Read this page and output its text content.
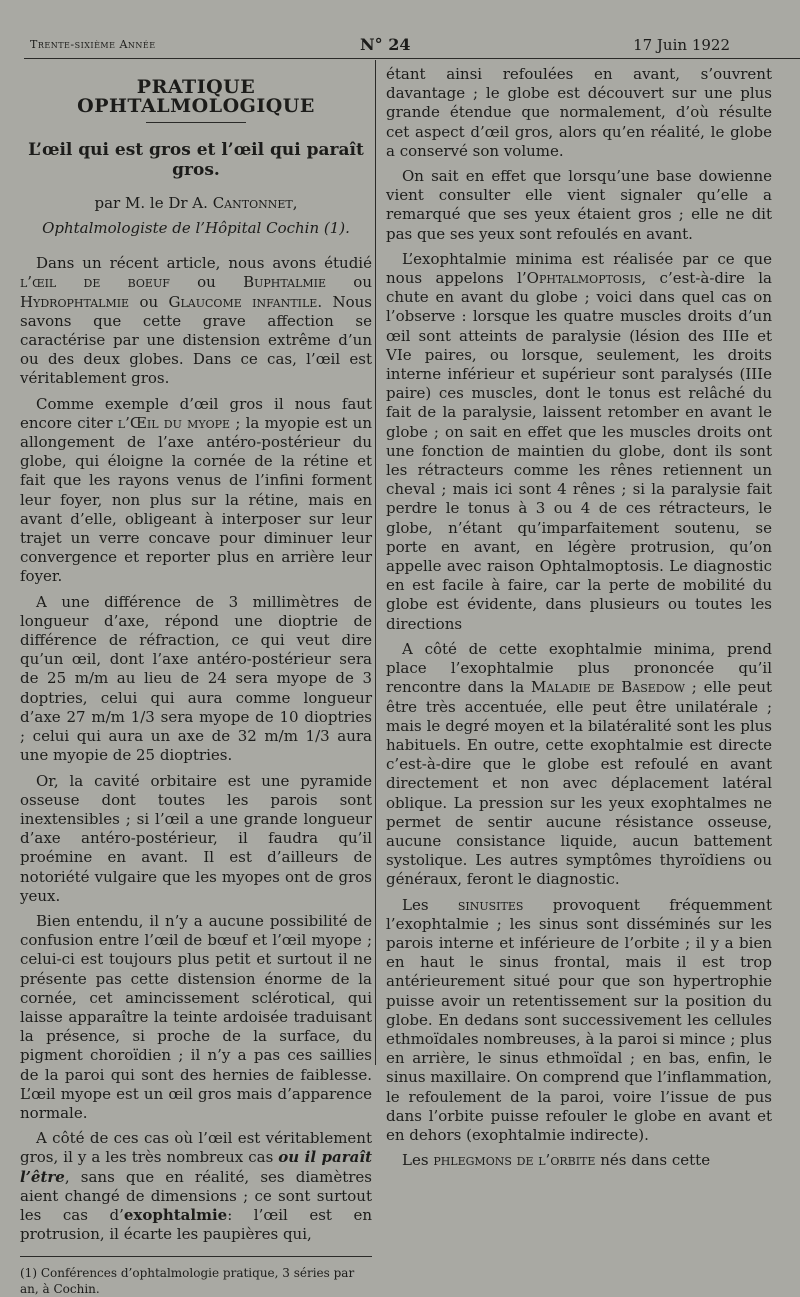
Trente-sixième Année	N° 24	17 Juin 1922
PRATIQUE OPHTALMOLOGIQUE
L’œil qui est gros et l’œil qui paraît gros.
par M. le Dr A. Cantonnet,
Ophtalmologiste de l’Hôpital Cochin (1).

Dans un récent article, nous avons étudié l’œil de boeuf ou Buphtalmie ou Hydrophtalmie ou Glaucome infantile. Nous savons que cette grave affection se caractérise par une distension extrême d’un ou des deux globes. Dans ce cas, l’œil est véritablement gros.

Comme exemple d’œil gros il nous faut encore citer l’Œil du myope ; la myopie est un allongement de l’axe antéro-postérieur du globe, qui éloigne la cornée de la rétine et fait que les rayons venus de l’infini forment leur foyer, non plus sur la rétine, mais en avant d’elle, obligeant à interposer sur leur trajet un verre concave pour diminuer leur convergence et reporter plus en arrière leur foyer.

A une différence de 3 millimètres de longueur d’axe, répond une dioptrie de différence de réfraction, ce qui veut dire qu’un œil, dont l’axe antéro-postérieur sera de 25 m/m au lieu de 24 sera myope de 3 doptries, celui qui aura comme longueur d’axe 27 m/m 1/3 sera myope de 10 dioptries ; celui qui aura un axe de 32 m/m 1/3 aura une myopie de 25 dioptries.

Or, la cavité orbitaire est une pyramide osseuse dont toutes les parois sont inextensibles ; si l’œil a une grande longueur d’axe antéro-postérieur, il faudra qu’il proémine en avant. Il est d’ailleurs de notoriété vulgaire que les myopes ont de gros yeux.

Bien entendu, il n’y a aucune possibilité de confusion entre l’œil de bœuf et l’œil myope ; celui-ci est toujours plus petit et surtout il ne présente pas cette distension énorme de la cornée, cet amincissement sclérotical, qui laisse apparaître la teinte ardoisée traduisant la présence, si proche de la surface, du pigment choroïdien ; il n’y a pas ces saillies de la paroi qui sont des hernies de faiblesse. L’œil myope est un œil gros mais d’apparence normale.

A côté de ces cas où l’œil est véritablement gros, il y a les très nombreux cas ou il paraît l’être, sans que en réalité, ses diamètres aient changé de dimensions ; ce sont surtout les cas d’exophtalmie: l’œil est en protrusion, il écarte les paupières qui,

(1) Conférences d’ophtalmologie pratique, 3 séries par an, à Cochin.

étant ainsi refoulées en avant, s’ouvrent davantage ; le globe est découvert sur une plus grande étendue que normalement, d’où résulte cet aspect d’œil gros, alors qu’en réalité, le globe a conservé son volume.

On sait en effet que lorsqu’une base dowienne vient consulter elle vient signaler qu’elle a remarqué que ses yeux étaient gros ; elle ne dit pas que ses yeux sont refoulés en avant.

L’exophtalmie minima est réalisée par ce que nous appelons l’Ophtalmoptosis, c’est-à-dire la chute en avant du globe ; voici dans quel cas on l’observe : lorsque les quatre muscles droits d’un œil sont atteints de paralysie (lésion des IIIe et VIe paires, ou lorsque, seulement, les droits interne inférieur et supérieur sont paralysés (IIIe paire) ces muscles, dont le tonus est relâché du fait de la paralysie, laissent retomber en avant le globe ; on sait en effet que les muscles droits ont une fonction de maintien du globe, dont ils sont les rétracteurs comme les rênes retiennent un cheval ; mais ici sont 4 rênes ; si la paralysie fait perdre le tonus à 3 ou 4 de ces rétracteurs, le globe, n’étant qu’imparfaitement soutenu, se porte en avant, en légère protrusion, qu’on appelle avec raison Ophtalmoptosis. Le diagnostic en est facile à faire, car la perte de mobilité du globe est évidente, dans plusieurs ou toutes les directions

A côté de cette exophtalmie minima, prend place l’exophtalmie plus prononcée qu’il rencontre dans la Maladie de Basedow ; elle peut être très accentuée, elle peut être unilatérale ; mais le degré moyen et la bilatéralité sont les plus habituels. En outre, cette exophtalmie est directe c’est-à-dire que le globe est refoulé en avant directement et non avec déplacement latéral oblique. La pression sur les yeux exophtalmes ne permet de sentir aucune résistance osseuse, aucune consistance liquide, aucun battement systolique. Les autres symptômes thyroïdiens ou généraux, feront le diagnostic.

Les sinusites provoquent fréquemment l’exophtalmie ; les sinus sont disséminés sur les parois interne et inférieure de l’orbite ; il y a bien en haut le sinus frontal, mais il est trop antérieurement situé pour que son hypertrophie puisse avoir un retentissement sur la position du globe. En dedans sont successivement les cellules ethmoïdales nombreuses, à la paroi si mince ; plus en arrière, le sinus ethmoïdal ; en bas, enfin, le sinus maxillaire. On comprend que l’inflammation, le refoulement de la paroi, voire l’issue de pus dans l’orbite puisse refouler le globe en avant et en dehors (exophtalmie indirecte).

Les phlegmons de l’orbite nés dans cette
